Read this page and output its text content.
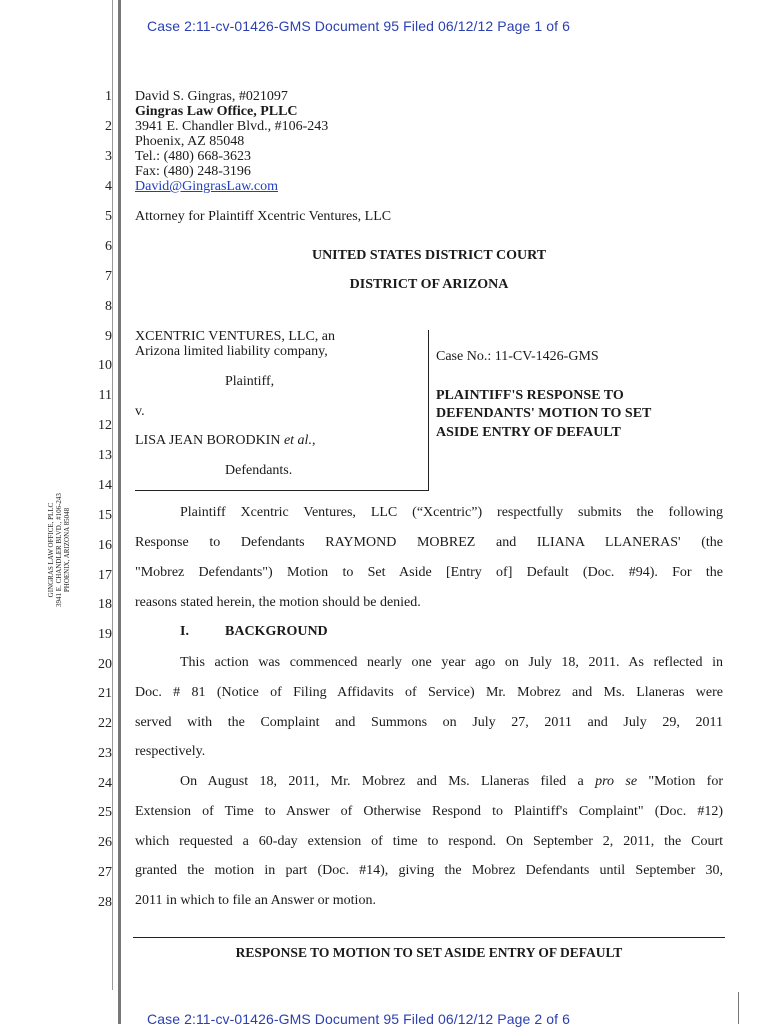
Case 2:11-cv-01426-GMS Document 95 Filed 06/12/12 Page 1 of 6
1
2
3
4
5
6
7
8
9
10
11
12
13
14
15
16
17
18
19
20
21
22
23
24
25
26
27
28
David S. Gingras, #021097
Gingras Law Office, PLLC
3941 E. Chandler Blvd., #106-243
Phoenix, AZ 85048
Tel.: (480) 668-3623
Fax: (480) 248-3196
David@GingrasLaw.com
Attorney for Plaintiff Xcentric Ventures, LLC
UNITED STATES DISTRICT COURT
DISTRICT OF ARIZONA
XCENTRIC VENTURES, LLC, an
Arizona limited liability company,
Plaintiff,
v.
LISA JEAN BORODKIN et al.,
Defendants.
Case No.: 11-CV-1426-GMS
PLAINTIFF'S RESPONSE TO
DEFENDANTS' MOTION TO SET
ASIDE ENTRY OF DEFAULT
GINGRAS LAW OFFICE, PLLC 3941 E. CHANDLER BLVD., #106-243 PHOENIX, ARIZONA 85048	Plaintiff Xcentric Ventures, LLC (“Xcentric”) respectfully submits the following
Response to Defendants RAYMOND MOBREZ and ILIANA LLANERAS' (the
"Mobrez Defendants") Motion to Set Aside [Entry of] Default (Doc. #94). For the
reasons stated herein, the motion should be denied.
I.	BACKGROUND
This action was commenced nearly one year ago on July 18, 2011. As reflected in
Doc. # 81 (Notice of Filing Affidavits of Service) Mr. Mobrez and Ms. Llaneras were
served with the Complaint and Summons on July 27, 2011 and July 29, 2011
respectively.
On August 18, 2011, Mr. Mobrez and Ms. Llaneras filed a pro se "Motion for
Extension of Time to Answer of Otherwise Respond to Plaintiff's Complaint" (Doc. #12)
which requested a 60-day extension of time to respond. On September 2, 2011, the Court
granted the motion in part (Doc. #14), giving the Mobrez Defendants until September 30,
2011 in which to file an Answer or motion.
RESPONSE TO MOTION TO SET ASIDE ENTRY OF DEFAULT
Case 2:11-cv-01426-GMS Document 95 Filed 06/12/12 Page 2 of 6
